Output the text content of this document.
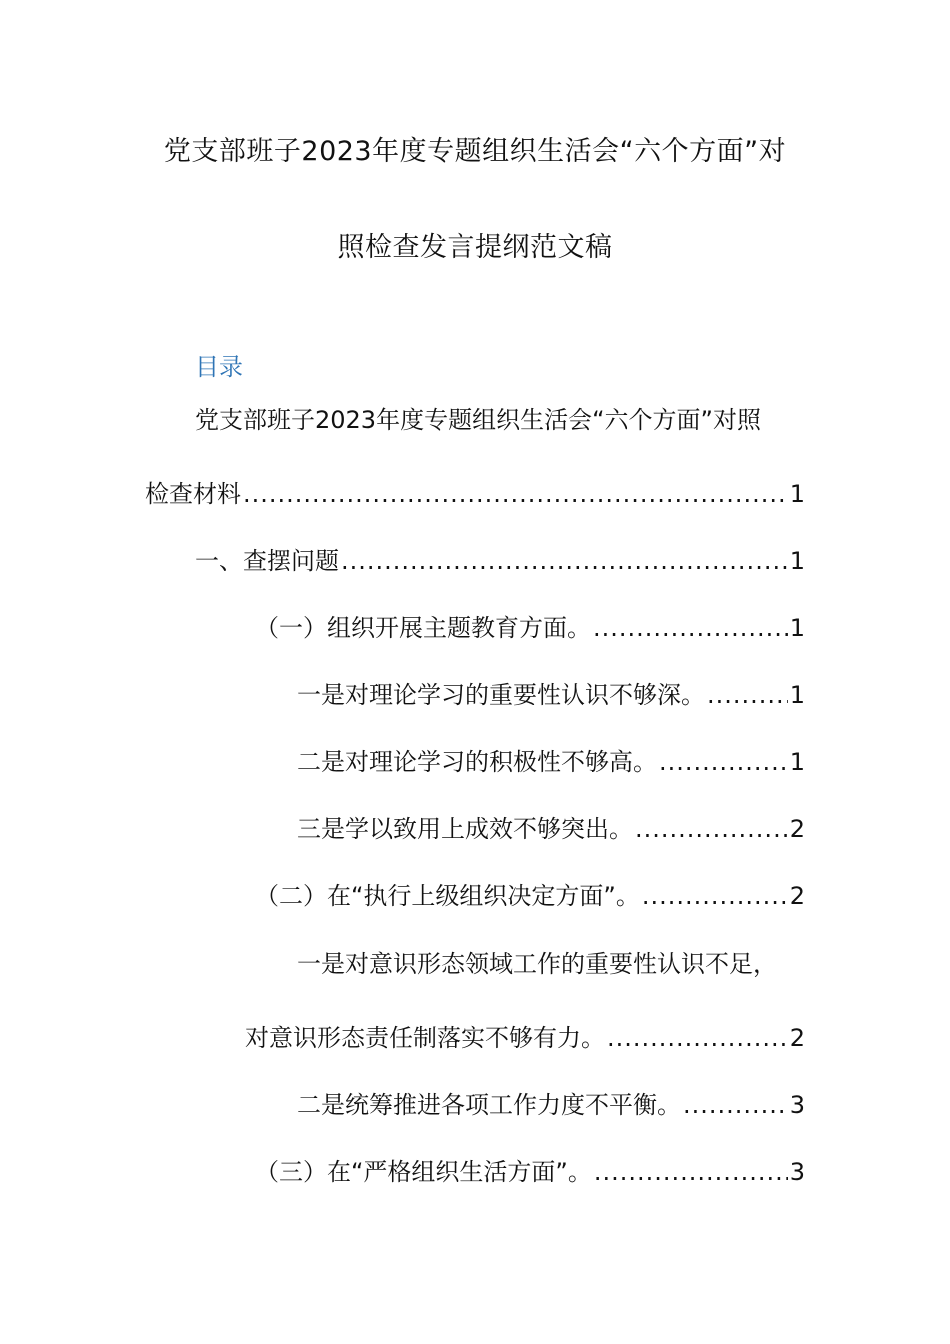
党支部班子2023年度专题组织生活会“六个方面”对
照检查发言提纲范文稿
目录
党支部班子2023年度专题组织生活会“六个方面”对照
检查材料 .....	1
一、查摆问题 .....	1
（一）组织开展主题教育方面。 .....	1
一是对理论学习的重要性认识不够深。 .....	1
二是对理论学习的积极性不够高。 .....	1
三是学以致用上成效不够突出。 .....	2
（二）在“执行上级组织决定方面”。 .....	2
一是对意识形态领域工作的重要性认识不足，
对意识形态责任制落实不够有力。 .....	2
二是统筹推进各项工作力度不平衡。 .....	3
（三）在“严格组织生活方面”。 .....	3
